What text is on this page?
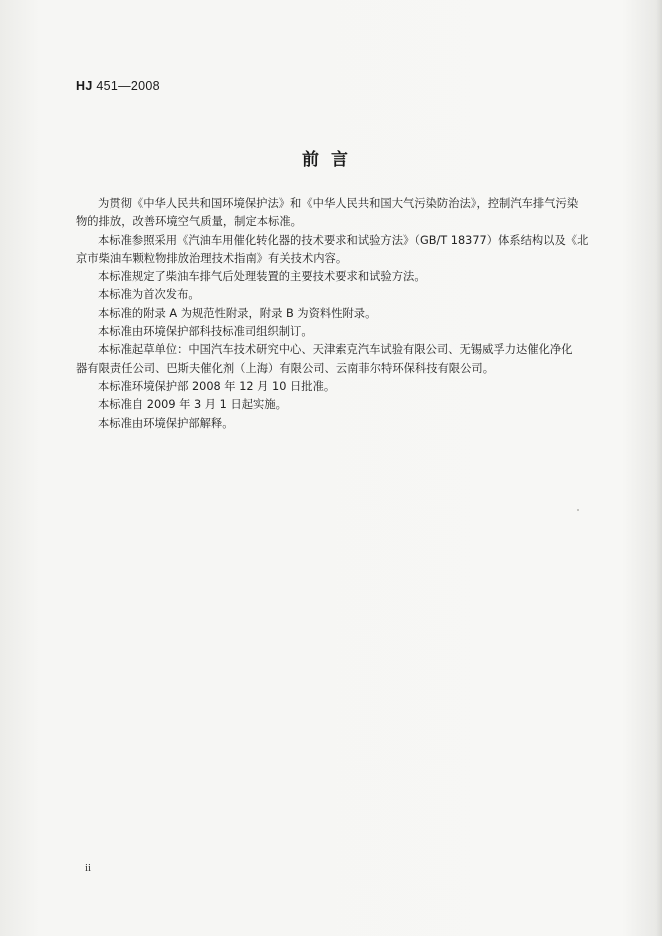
HJ 451—2008
前言
为贯彻《中华人民共和国环境保护法》和《中华人民共和国大气污染防治法》，控制汽车排气污染
物的排放，改善环境空气质量，制定本标准。
本标准参照采用《汽油车用催化转化器的技术要求和试验方法》（GB/T 18377）体系结构以及《北
京市柴油车颗粒物排放治理技术指南》有关技术内容。
本标准规定了柴油车排气后处理装置的主要技术要求和试验方法。
本标准为首次发布。
本标准的附录 A 为规范性附录，附录 B 为资料性附录。
本标准由环境保护部科技标准司组织制订。
本标准起草单位：中国汽车技术研究中心、天津索克汽车试验有限公司、无锡威孚力达催化净化
器有限责任公司、巴斯夫催化剂（上海）有限公司、云南菲尔特环保科技有限公司。
本标准环境保护部 2008 年 12 月 10 日批准。
本标准自 2009 年 3 月 1 日起实施。
本标准由环境保护部解释。
ii
